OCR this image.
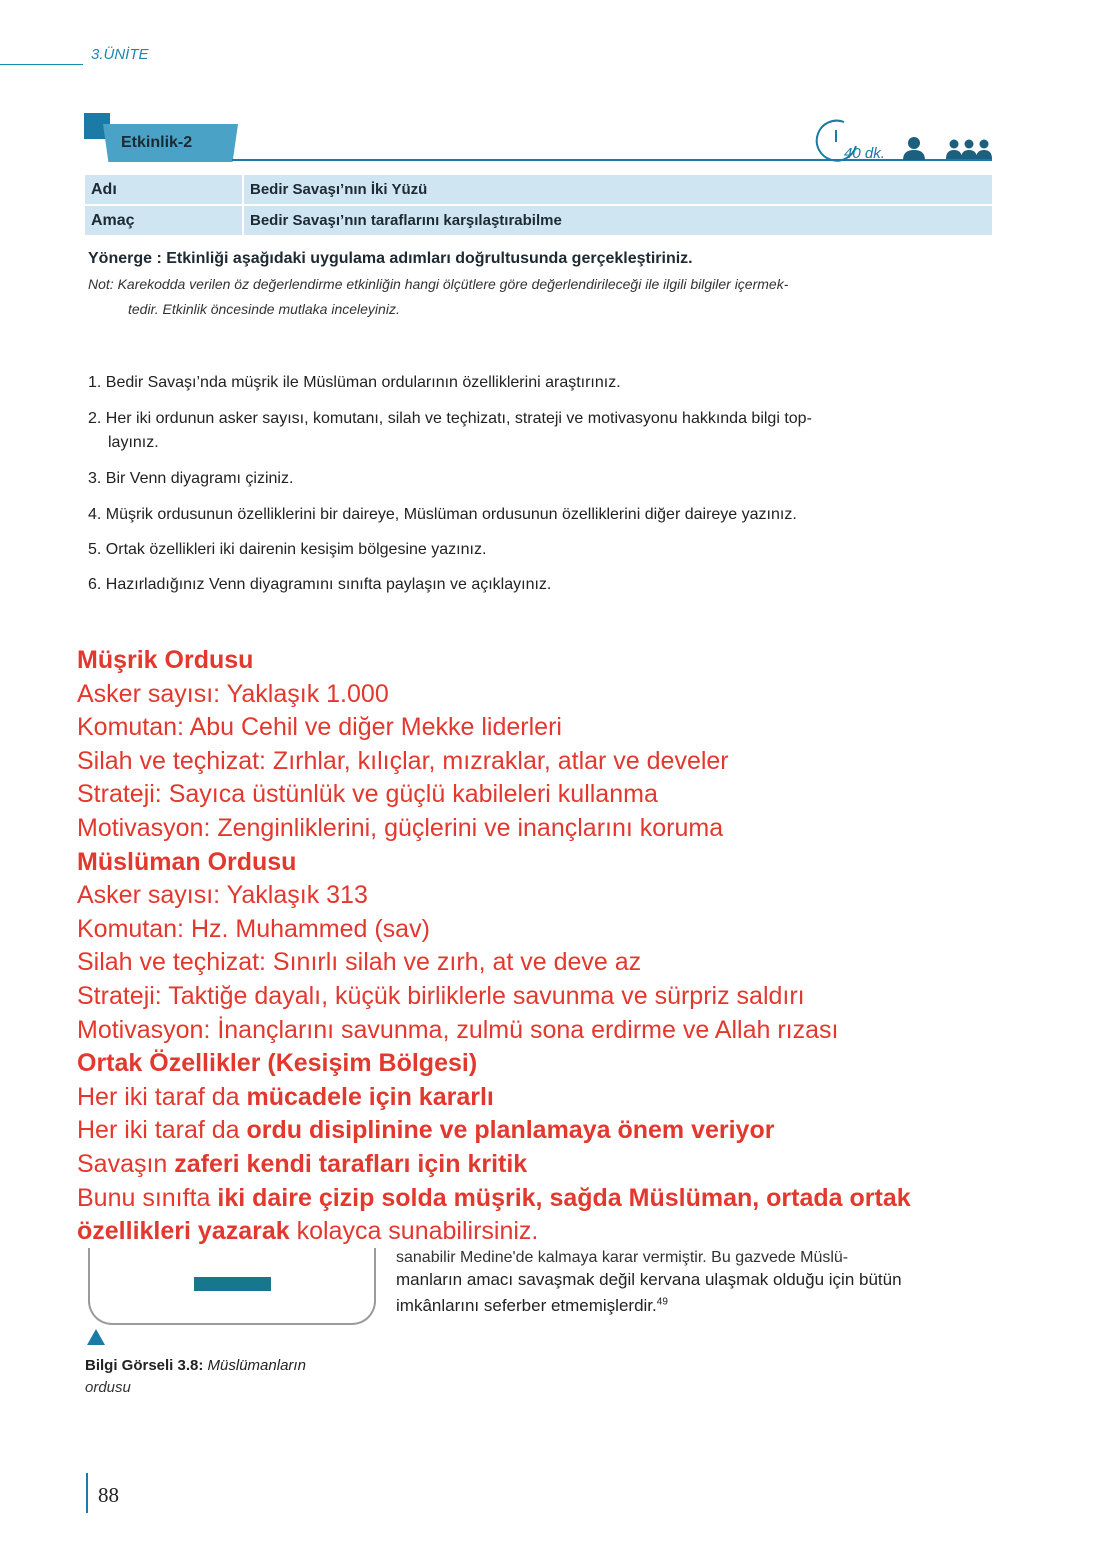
3.ÜNİTE
Etkinlik-2
40 dk.
Adı	Bedir Savaşı’nın İki Yüzü
Amaç	Bedir Savaşı’nın taraflarını karşılaştırabilme
Yönerge : Etkinliği aşağıdaki uygulama adımları doğrultusunda gerçekleştiriniz.
Not: Karekodda verilen öz değerlendirme etkinliğin hangi ölçütlere göre değerlendirileceği ile ilgili bilgiler içermek-
tedir. Etkinlik öncesinde mutlaka inceleyiniz.
1. Bedir Savaşı’nda müşrik ile Müslüman ordularının özelliklerini araştırınız.
2. Her iki ordunun asker sayısı, komutanı, silah ve teçhizatı, strateji ve motivasyonu hakkında bilgi top-
layınız.
3. Bir Venn diyagramı çiziniz.
4. Müşrik ordusunun özelliklerini bir daireye, Müslüman ordusunun özelliklerini diğer daireye yazınız.
5. Ortak özellikleri iki dairenin kesişim bölgesine yazınız.
6. Hazırladığınız Venn diyagramını sınıfta paylaşın ve açıklayınız.
sanabilir Medine'de kalmaya karar vermiştir. Bu gazvede Müslü-
manların amacı savaşmak değil kervana ulaşmak olduğu için bütün
imkânlarını seferber etmemişlerdir.$^{49}$
Müşrik Ordusu
Asker sayısı: Yaklaşık 1.000
Komutan: Abu Cehil ve diğer Mekke liderleri
Silah ve teçhizat: Zırhlar, kılıçlar, mızraklar, atlar ve develer
Strateji: Sayıca üstünlük ve güçlü kabileleri kullanma
Motivasyon: Zenginliklerini, güçlerini ve inançlarını koruma
Müslüman Ordusu
Asker sayısı: Yaklaşık 313
Komutan: Hz. Muhammed (sav)
Silah ve teçhizat: Sınırlı silah ve zırh, at ve deve az
Strateji: Taktiğe dayalı, küçük birliklerle savunma ve sürpriz saldırı
Motivasyon: İnançlarını savunma, zulmü sona erdirme ve Allah rızası
Ortak Özellikler (Kesişim Bölgesi)
Her iki taraf da mücadele için kararlı
Her iki taraf da ordu disiplinine ve planlamaya önem veriyor
Savaşın zaferi kendi tarafları için kritik
Bunu sınıfta iki daire çizip solda müşrik, sağda Müslüman, ortada ortak
özellikleri yazarak kolayca sunabilirsiniz.
Bilgi Görseli 3.8: Müslümanların
ordusu
88
